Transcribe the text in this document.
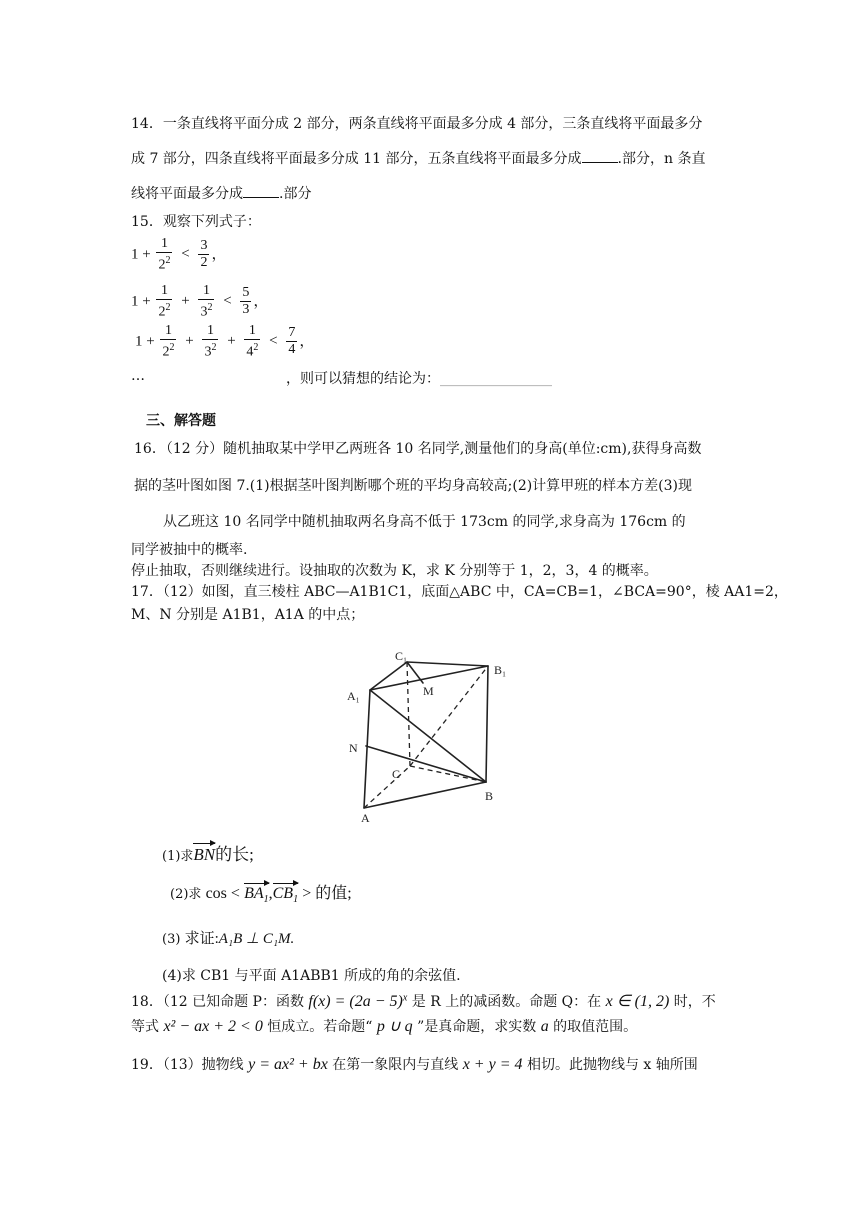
14．一条直线将平面分成 2 部分，两条直线将平面最多分成 4 部分，三条直线将平面最多分
成 7 部分，四条直线将平面最多分成 11 部分，五条直线将平面最多分成	.部分，n 条直
线将平面最多分成	.部分
15．观察下列式子：
$1 + \frac{1}{2^2} < \frac{3}{2}$ ，
$1 + \frac{1}{2^2} + \frac{1}{3^2} < \frac{5}{3}$ ，
$1 + \frac{1}{2^2} + \frac{1}{3^2} + \frac{1}{4^2} < \frac{7}{4}$ ，
…	，则可以猜想的结论为：________________
三、解答题
16．（12 分）随机抽取某中学甲乙两班各 10 名同学,测量他们的身高(单位:cm),获得身高数
据的茎叶图如图 7.(1)根据茎叶图判断哪个班的平均身高较高;(2)计算甲班的样本方差(3)现
从乙班这 10 名同学中随机抽取两名身高不低于 173cm 的同学,求身高为 176cm 的
同学被抽中的概率.
停止抽取，否则继续进行。设抽取的次数为 K，求 K 分别等于 1，2，3，4 的概率。
17．（12）如图，直三棱柱 ABC—A1B1C1，底面△ABC 中，CA=CB=1，∠BCA=90°，棱 AA1=2，
M、N 分别是 A1B1，A1A 的中点；
C₁
B₁
A₁	M
N
C
B
A
(1)求BN的长;
(2)求 $\cos < BA_1,CB_1$ > 的值;
(3) 求证:A₁B ⊥ C₁M.
(4)求 CB1 与平面 A1ABB1 所成的角的余弦值.
18．（12 已知命题 P：函数 $f(x) = (2a - 5)^x$ 是 R 上的减函数。命题 Q：在 x ∈ (1, 2) 时，不
等式 x² − ax + 2 < 0 恒成立。若命题“ p ∪ q ”是真命题，求实数 a 的取值范围。
19．（13）抛物线 y = ax² + bx 在第一象限内与直线 x + y = 4 相切。此抛物线与 x 轴所围
